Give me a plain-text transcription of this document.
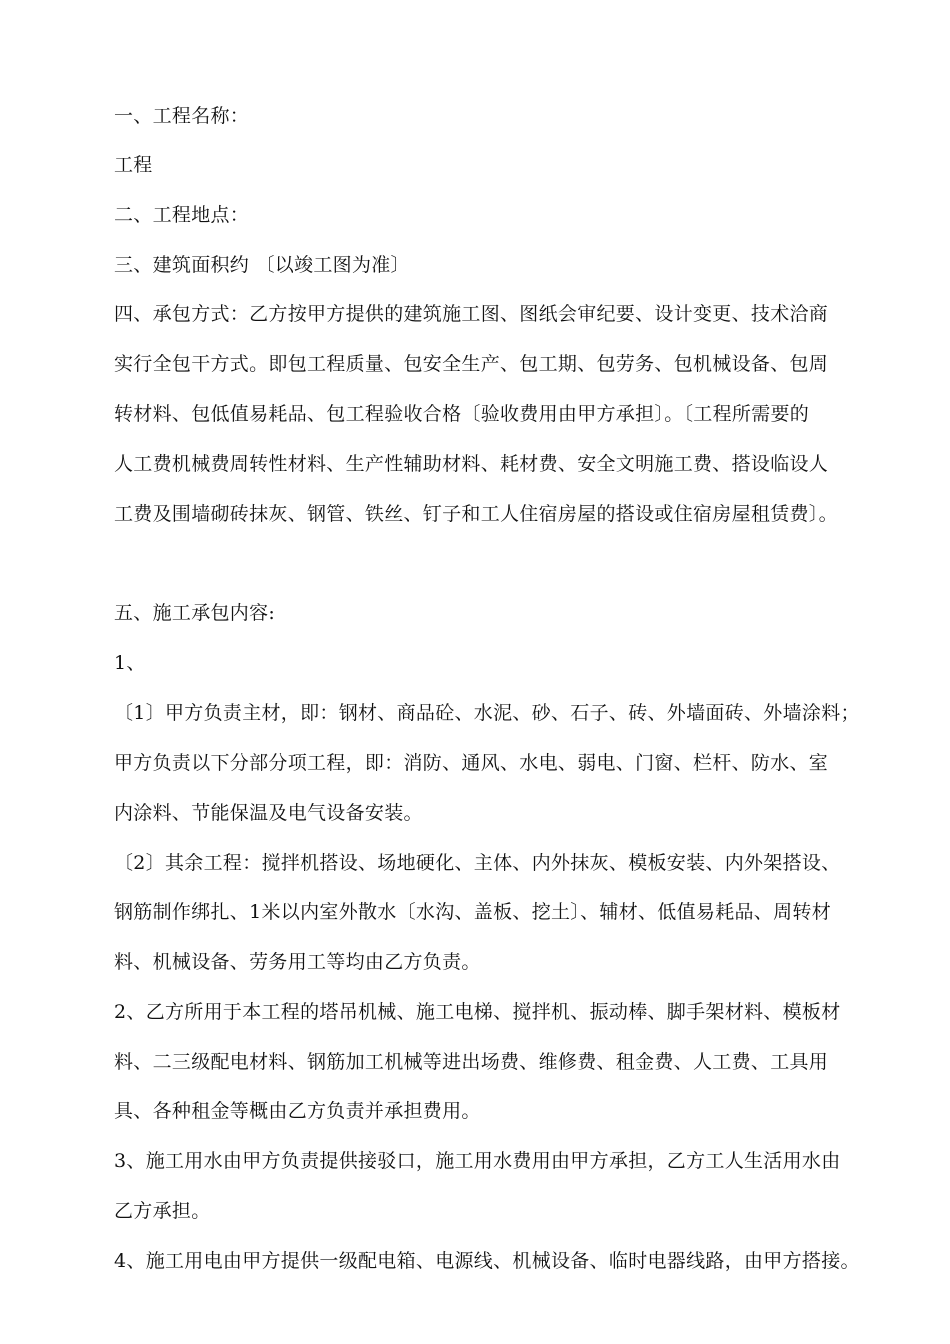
一、工程名称：
工程
二、工程地点：
三、建筑面积约 〔以竣工图为准〕
四、承包方式：乙方按甲方提供的建筑施工图、图纸会审纪要、设计变更、技术洽商
实行全包干方式。即包工程质量、包安全生产、包工期、包劳务、包机械设备、包周
转材料、包低值易耗品、包工程验收合格〔验收费用由甲方承担〕。〔工程所需要的
人工费机械费周转性材料、生产性辅助材料、耗材费、安全文明施工费、搭设临设人
工费及围墙砌砖抹灰、钢管、铁丝、钉子和工人住宿房屋的搭设或住宿房屋租赁费〕。
五、施工承包内容:
1、
〔1〕甲方负责主材，即：钢材、商品砼、水泥、砂、石子、砖、外墙面砖、外墙涂料；
甲方负责以下分部分项工程，即：消防、通风、水电、弱电、门窗、栏杆、防水、室
内涂料、节能保温及电气设备安装。
〔2〕其余工程：搅拌机搭设、场地硬化、主体、内外抹灰、模板安装、内外架搭设、
钢筋制作绑扎、1米以内室外散水〔水沟、盖板、挖土〕、辅材、低值易耗品、周转材
料、机械设备、劳务用工等均由乙方负责。
2、乙方所用于本工程的塔吊机械、施工电梯、搅拌机、振动棒、脚手架材料、模板材
料、二三级配电材料、钢筋加工机械等进出场费、维修费、租金费、人工费、工具用
具、各种租金等概由乙方负责并承担费用。
3、施工用水由甲方负责提供接驳口，施工用水费用由甲方承担，乙方工人生活用水由
乙方承担。
4、施工用电由甲方提供一级配电箱、电源线、机械设备、临时电器线路，由甲方搭接。
